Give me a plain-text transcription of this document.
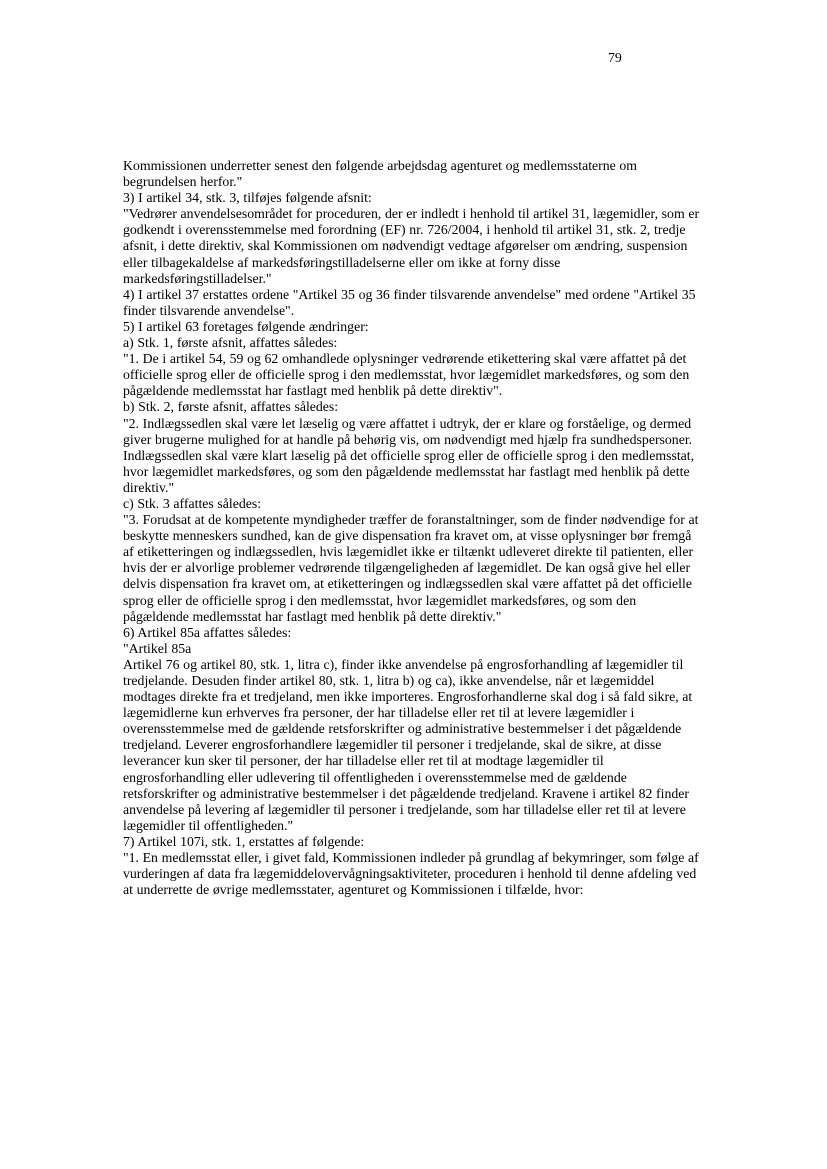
79

Kommissionen underretter senest den følgende arbejdsdag agenturet og medlemsstaterne om begrundelsen herfor."

3) I artikel 34, stk. 3, tilføjes følgende afsnit:

"Vedrører anvendelsesområdet for proceduren, der er indledt i henhold til artikel 31, lægemidler, som er godkendt i overensstemmelse med forordning (EF) nr. 726/2004, i henhold til artikel 31, stk. 2, tredje afsnit, i dette direktiv, skal Kommissionen om nødvendigt vedtage afgørelser om ændring, suspension eller tilbagekaldelse af markedsføringstilladelserne eller om ikke at forny disse markedsføringstilladelser."

4) I artikel 37 erstattes ordene "Artikel 35 og 36 finder tilsvarende anvendelse" med ordene "Artikel 35 finder tilsvarende anvendelse".

5) I artikel 63 foretages følgende ændringer:

a) Stk. 1, første afsnit, affattes således:

"1. De i artikel 54, 59 og 62 omhandlede oplysninger vedrørende etikettering skal være affattet på det officielle sprog eller de officielle sprog i den medlemsstat, hvor lægemidlet markedsføres, og som den pågældende medlemsstat har fastlagt med henblik på dette direktiv".

b) Stk. 2, første afsnit, affattes således:

"2. Indlægssedlen skal være let læselig og være affattet i udtryk, der er klare og forståelige, og dermed giver brugerne mulighed for at handle på behørig vis, om nødvendigt med hjælp fra sundhedspersoner. Indlægssedlen skal være klart læselig på det officielle sprog eller de officielle sprog i den medlemsstat, hvor lægemidlet markedsføres, og som den pågældende medlemsstat har fastlagt med henblik på dette direktiv."

c) Stk. 3 affattes således:

"3. Forudsat at de kompetente myndigheder træffer de foranstaltninger, som de finder nødvendige for at beskytte menneskers sundhed, kan de give dispensation fra kravet om, at visse oplysninger bør fremgå af etiketteringen og indlægssedlen, hvis lægemidlet ikke er tiltænkt udleveret direkte til patienten, eller hvis der er alvorlige problemer vedrørende tilgængeligheden af lægemidlet. De kan også give hel eller delvis dispensation fra kravet om, at etiketteringen og indlægssedlen skal være affattet på det officielle sprog eller de officielle sprog i den medlemsstat, hvor lægemidlet markedsføres, og som den pågældende medlemsstat har fastlagt med henblik på dette direktiv."

6) Artikel 85a affattes således:

"Artikel 85a

Artikel 76 og artikel 80, stk. 1, litra c), finder ikke anvendelse på engrosforhandling af lægemidler til tredjelande. Desuden finder artikel 80, stk. 1, litra b) og ca), ikke anvendelse, når et lægemiddel modtages direkte fra et tredjeland, men ikke importeres. Engrosforhandlerne skal dog i så fald sikre, at lægemidlerne kun erhverves fra personer, der har tilladelse eller ret til at levere lægemidler i overensstemmelse med de gældende retsforskrifter og administrative bestemmelser i det pågældende tredjeland. Leverer engrosforhandlere lægemidler til personer i tredjelande, skal de sikre, at disse leverancer kun sker til personer, der har tilladelse eller ret til at modtage lægemidler til engrosforhandling eller udlevering til offentligheden i overensstemmelse med de gældende retsforskrifter og administrative bestemmelser i det pågældende tredjeland. Kravene i artikel 82 finder anvendelse på levering af lægemidler til personer i tredjelande, som har tilladelse eller ret til at levere lægemidler til offentligheden."

7) Artikel 107i, stk. 1, erstattes af følgende:

"1. En medlemsstat eller, i givet fald, Kommissionen indleder på grundlag af bekymringer, som følge af vurderingen af data fra lægemiddelovervågningsaktiviteter, proceduren i henhold til denne afdeling ved at underrette de øvrige medlemsstater, agenturet og Kommissionen i tilfælde, hvor:
